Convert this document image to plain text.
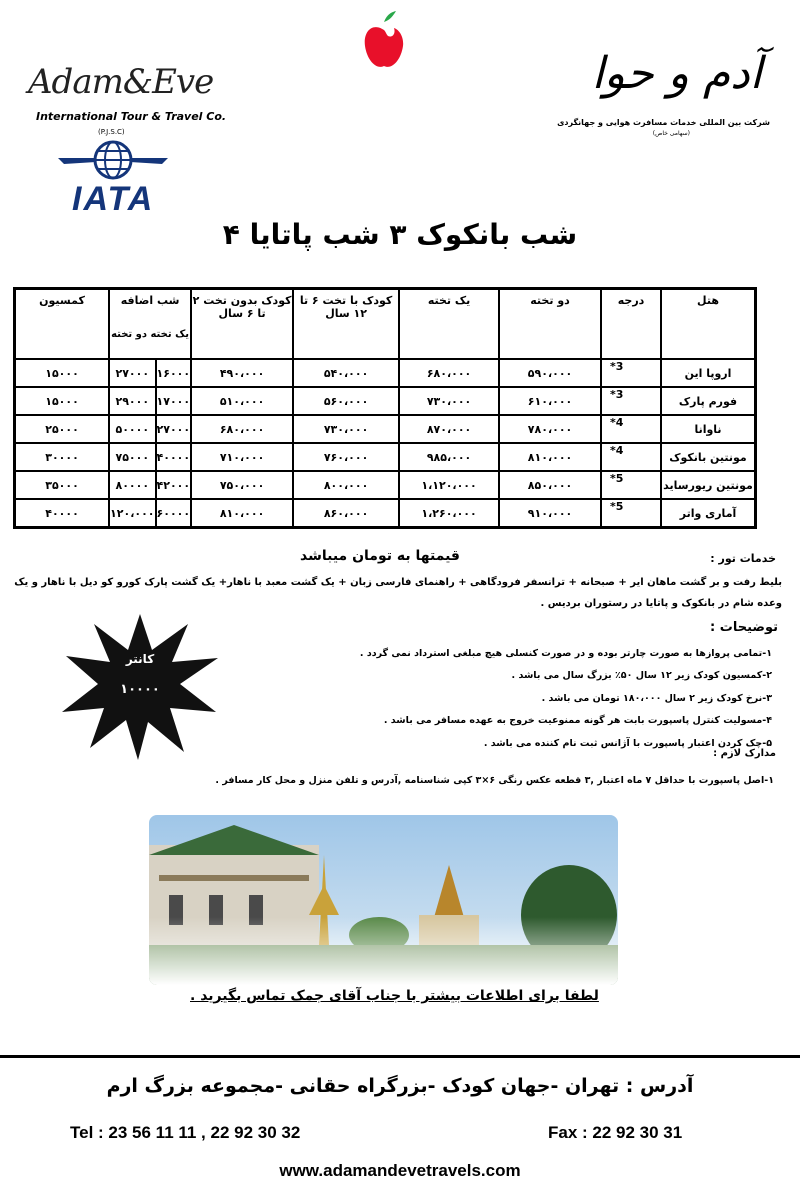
Adam&Eve
International Tour & Travel Co.
(P.J.S.C)
IATA
آدم و حوا
شرکت بین المللی خدمات مسافرت هوایی و جهانگردی
(سهامی خاص)
۴ شب بانکوک ۳ شب پاتایا
هتل	درجه	دو تخته	یک تخته	کودک با تخت ۶ تا ۱۲ سال	کودک بدون تخت ۲ تا ۶ سال	شب اضافه
یک تخته دو تخته		کمسیون
اروپا این	3*	۵۹۰،۰۰۰	۶۸۰،۰۰۰	۵۴۰،۰۰۰	۴۹۰،۰۰۰	۱۶۰۰۰	۲۷۰۰۰	۱۵۰۰۰
فورم پارک	3*	۶۱۰،۰۰۰	۷۳۰،۰۰۰	۵۶۰،۰۰۰	۵۱۰،۰۰۰	۱۷۰۰۰	۲۹۰۰۰	۱۵۰۰۰
ناوانا	4*	۷۸۰،۰۰۰	۸۷۰،۰۰۰	۷۳۰،۰۰۰	۶۸۰،۰۰۰	۲۷۰۰۰	۵۰۰۰۰	۲۵۰۰۰
مونتین بانکوک	4*	۸۱۰،۰۰۰	۹۸۵،۰۰۰	۷۶۰،۰۰۰	۷۱۰،۰۰۰	۴۰۰۰۰	۷۵۰۰۰	۳۰۰۰۰
مونتین ریورساید	5*	۸۵۰،۰۰۰	۱،۱۲۰،۰۰۰	۸۰۰،۰۰۰	۷۵۰،۰۰۰	۴۲۰۰۰	۸۰۰۰۰	۳۵۰۰۰
آماری واتر	5*	۹۱۰،۰۰۰	۱،۲۶۰،۰۰۰	۸۶۰،۰۰۰	۸۱۰،۰۰۰	۶۰۰۰۰	۱۲۰،۰۰۰	۴۰۰۰۰
قیمتها به تومان میباشد	خدمات تور :
بلیط رفت و بر گشت ماهان ایر + صبحانه + ترانسفر فرودگاهی + راهنمای فارسی زبان + یک گشت معبد با ناهار+ یک گشت پارک کورو کو دیل با ناهار و یک وعده شام در بانکوک و پاتایا در رستوران بردیس .
توضیحات :
۱-تمامی پروازها به صورت چارتر بوده و در صورت کنسلی هیچ مبلغی استرداد نمی گردد .
۲-کمسیون کودک زیر ۱۲ سال ۵۰٪ بزرگ سال می باشد .
۳-نرخ کودک زیر ۲ سال ۱۸۰،۰۰۰ تومان می باشد .
۴-مسولیت کنترل پاسپورت بابت هر گونه ممنوعیت خروج به عهده مسافر می باشد .
۵-چک کردن اعتبار پاسپورت با آژانس ثبت نام کننده می باشد .
مدارک لازم :
۱-اصل پاسپورت با حداقل ۷ ماه اعتبار ,۳ قطعه عکس رنگی ۶×۳ کپی شناسنامه ,آدرس و تلفن منزل و محل کار مسافر .
کانتر
۱۰۰۰۰
لطفا برای اطلاعات بیشتر با جناب آقای جمک تماس بگیرید .
آدرس : تهران -جهان کودک -بزرگراه حقانی -مجموعه بزرگ ارم
Tel : 23 56 11 11 , 22 92 30 32	Fax : 22 92 30 31
www.adamandevetravels.com
